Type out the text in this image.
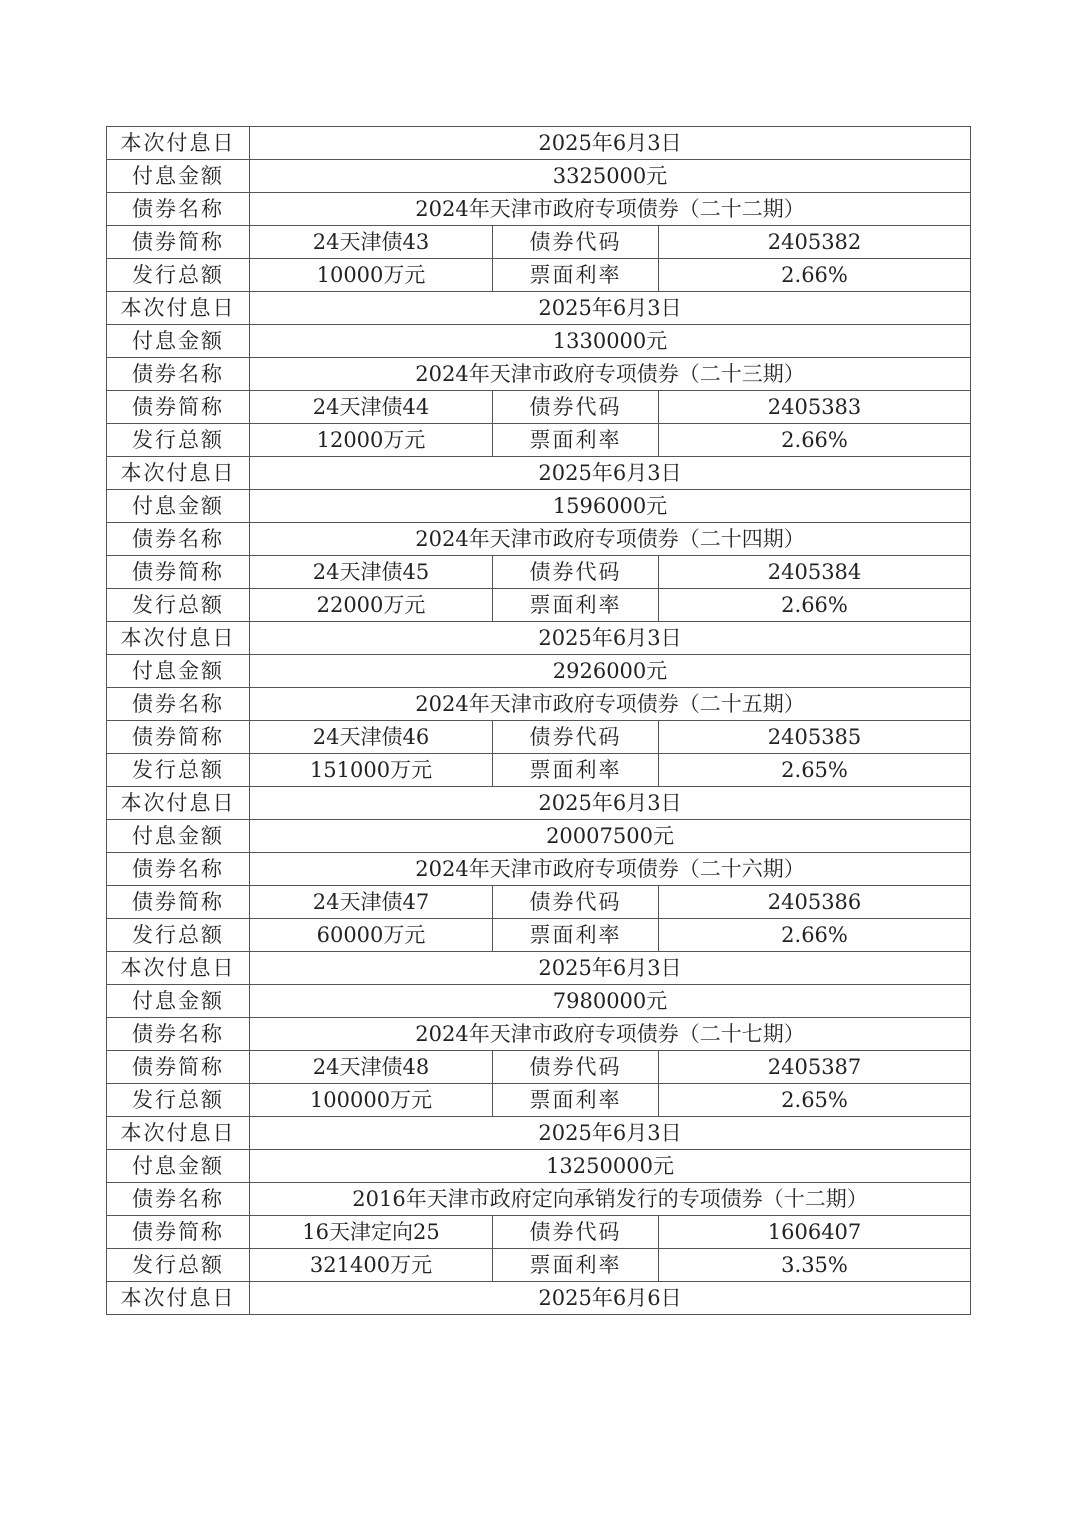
本次付息日	2025年6月3日		
付息金额	3325000元		
债券名称	2024年天津市政府专项债券（二十二期）		
债券简称	24天津债43	债券代码	2405382
发行总额	10000万元	票面利率	2.66%
本次付息日	2025年6月3日		
付息金额	1330000元		
债券名称	2024年天津市政府专项债券（二十三期）		
债券简称	24天津债44	债券代码	2405383
发行总额	12000万元	票面利率	2.66%
本次付息日	2025年6月3日		
付息金额	1596000元		
债券名称	2024年天津市政府专项债券（二十四期）		
债券简称	24天津债45	债券代码	2405384
发行总额	22000万元	票面利率	2.66%
本次付息日	2025年6月3日		
付息金额	2926000元		
债券名称	2024年天津市政府专项债券（二十五期）		
债券简称	24天津债46	债券代码	2405385
发行总额	151000万元	票面利率	2.65%
本次付息日	2025年6月3日		
付息金额	20007500元		
债券名称	2024年天津市政府专项债券（二十六期）		
债券简称	24天津债47	债券代码	2405386
发行总额	60000万元	票面利率	2.66%
本次付息日	2025年6月3日		
付息金额	7980000元		
债券名称	2024年天津市政府专项债券（二十七期）		
债券简称	24天津债48	债券代码	2405387
发行总额	100000万元	票面利率	2.65%
本次付息日	2025年6月3日		
付息金额	13250000元		
债券名称	2016年天津市政府定向承销发行的专项债券（十二期）		
债券简称	16天津定向25	债券代码	1606407
发行总额	321400万元	票面利率	3.35%
本次付息日	2025年6月6日		
